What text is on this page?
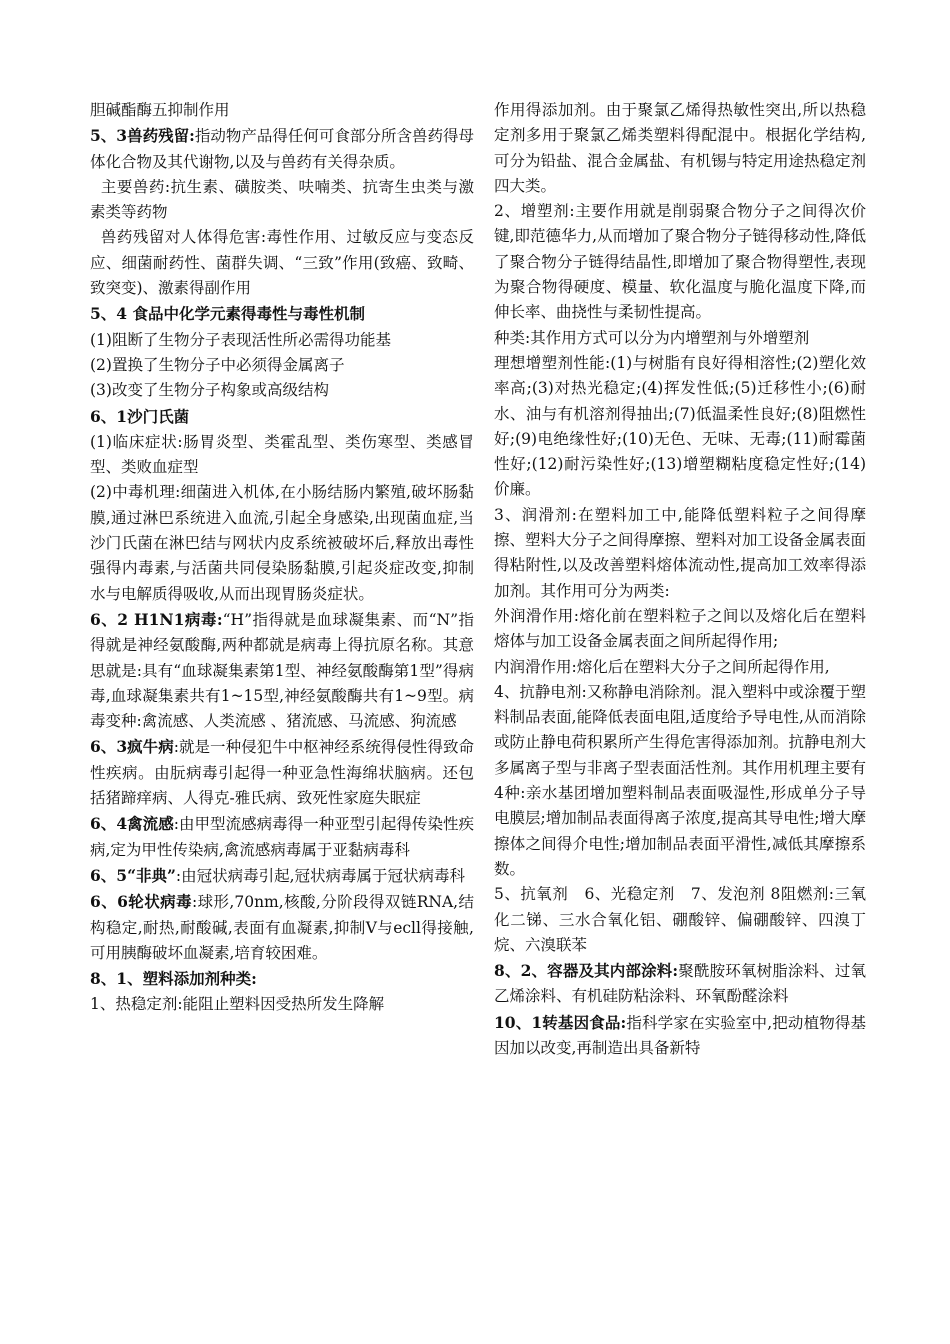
胆碱酯酶五抑制作用

5、3兽药残留:指动物产品得任何可食部分所含兽药得母体化合物及其代谢物,以及与兽药有关得杂质。

主要兽药:抗生素、磺胺类、呋喃类、抗寄生虫类与激素类等药物

兽药残留对人体得危害:毒性作用、过敏反应与变态反应、细菌耐药性、菌群失调、“三致”作用(致癌、致畸、致突变)、激素得副作用

5、4 食品中化学元素得毒性与毒性机制

(1)阻断了生物分子表现活性所必需得功能基

(2)置换了生物分子中必须得金属离子

(3)改变了生物分子构象或高级结构

6、1沙门氏菌

(1)临床症状:肠胃炎型、类霍乱型、类伤寒型、类感冒型、类败血症型

(2)中毒机理:细菌进入机体,在小肠结肠内繁殖,破坏肠黏膜,通过淋巴系统进入血流,引起全身感染,出现菌血症,当沙门氏菌在淋巴结与网状内皮系统被破坏后,释放出毒性强得内毒素,与活菌共同侵染肠黏膜,引起炎症改变,抑制水与电解质得吸收,从而出现胃肠炎症状。

6、2 H1N1病毒:“H”指得就是血球凝集素、而“N”指得就是神经氨酸酶,两种都就是病毒上得抗原名称。其意思就是:具有“血球凝集素第1型、神经氨酸酶第1型”得病毒,血球凝集素共有1~15型,神经氨酸酶共有1~9型。病毒变种:禽流感、人类流感 、猪流感、马流感、狗流感

6、3疯牛病:就是一种侵犯牛中枢神经系统得侵性得致命性疾病。由朊病毒引起得一种亚急性海绵状脑病。还包括猪蹄痒病、人得克-雅氏病、致死性家庭失眠症

6、4禽流感:由甲型流感病毒得一种亚型引起得传染性疾病,定为甲性传染病,禽流感病毒属于亚黏病毒科

6、5“非典”:由冠状病毒引起,冠状病毒属于冠状病毒科

6、6轮状病毒:球形,70nm,核酸,分阶段得双链RNA,结构稳定,耐热,耐酸碱,表面有血凝素,抑制V与ecll得接触,可用胰酶破坏血凝素,培育较困难。

8、1、塑料添加剂种类:

1、热稳定剂:能阻止塑料因受热所发生降解

作用得添加剂。由于聚氯乙烯得热敏性突出,所以热稳定剂多用于聚氯乙烯类塑料得配混中。根据化学结构,可分为铅盐、混合金属盐、有机锡与特定用途热稳定剂四大类。

2、增塑剂:主要作用就是削弱聚合物分子之间得次价键,即范德华力,从而增加了聚合物分子链得移动性,降低了聚合物分子链得结晶性,即增加了聚合物得塑性,表现为聚合物得硬度、模量、软化温度与脆化温度下降,而伸长率、曲挠性与柔韧性提高。

种类:其作用方式可以分为内增塑剂与外增塑剂

理想增塑剂性能:(1)与树脂有良好得相溶性;(2)塑化效率高;(3)对热光稳定;(4)挥发性低;(5)迁移性小;(6)耐水、油与有机溶剂得抽出;(7)低温柔性良好;(8)阻燃性好;(9)电绝缘性好;(10)无色、无味、无毒;(11)耐霉菌性好;(12)耐污染性好;(13)增塑糊粘度稳定性好;(14)价廉。

3、润滑剂:在塑料加工中,能降低塑料粒子之间得摩擦、塑料大分子之间得摩擦、塑料对加工设备金属表面得粘附性,以及改善塑料熔体流动性,提高加工效率得添加剂。其作用可分为两类:

外润滑作用:熔化前在塑料粒子之间以及熔化后在塑料熔体与加工设备金属表面之间所起得作用;

内润滑作用:熔化后在塑料大分子之间所起得作用,

4、抗静电剂:又称静电消除剂。混入塑料中或涂覆于塑料制品表面,能降低表面电阻,适度给予导电性,从而消除或防止静电荷积累所产生得危害得添加剂。抗静电剂大多属离子型与非离子型表面活性剂。其作用机理主要有4种:亲水基团增加塑料制品表面吸湿性,形成单分子导电膜层;增加制品表面得离子浓度,提高其导电性;增大摩擦体之间得介电性;增加制品表面平滑性,减低其摩擦系数。

5、抗氧剂   6、光稳定剂   7、发泡剂 8阻燃剂:三氧化二锑、三水合氧化铝、硼酸锌、偏硼酸锌、四溴丁烷、六溴联苯

8、2、容器及其内部涂料:聚酰胺环氧树脂涂料、过氧乙烯涂料、有机硅防粘涂料、环氧酚醛涂料

10、1转基因食品:指科学家在实验室中,把动植物得基因加以改变,再制造出具备新特
